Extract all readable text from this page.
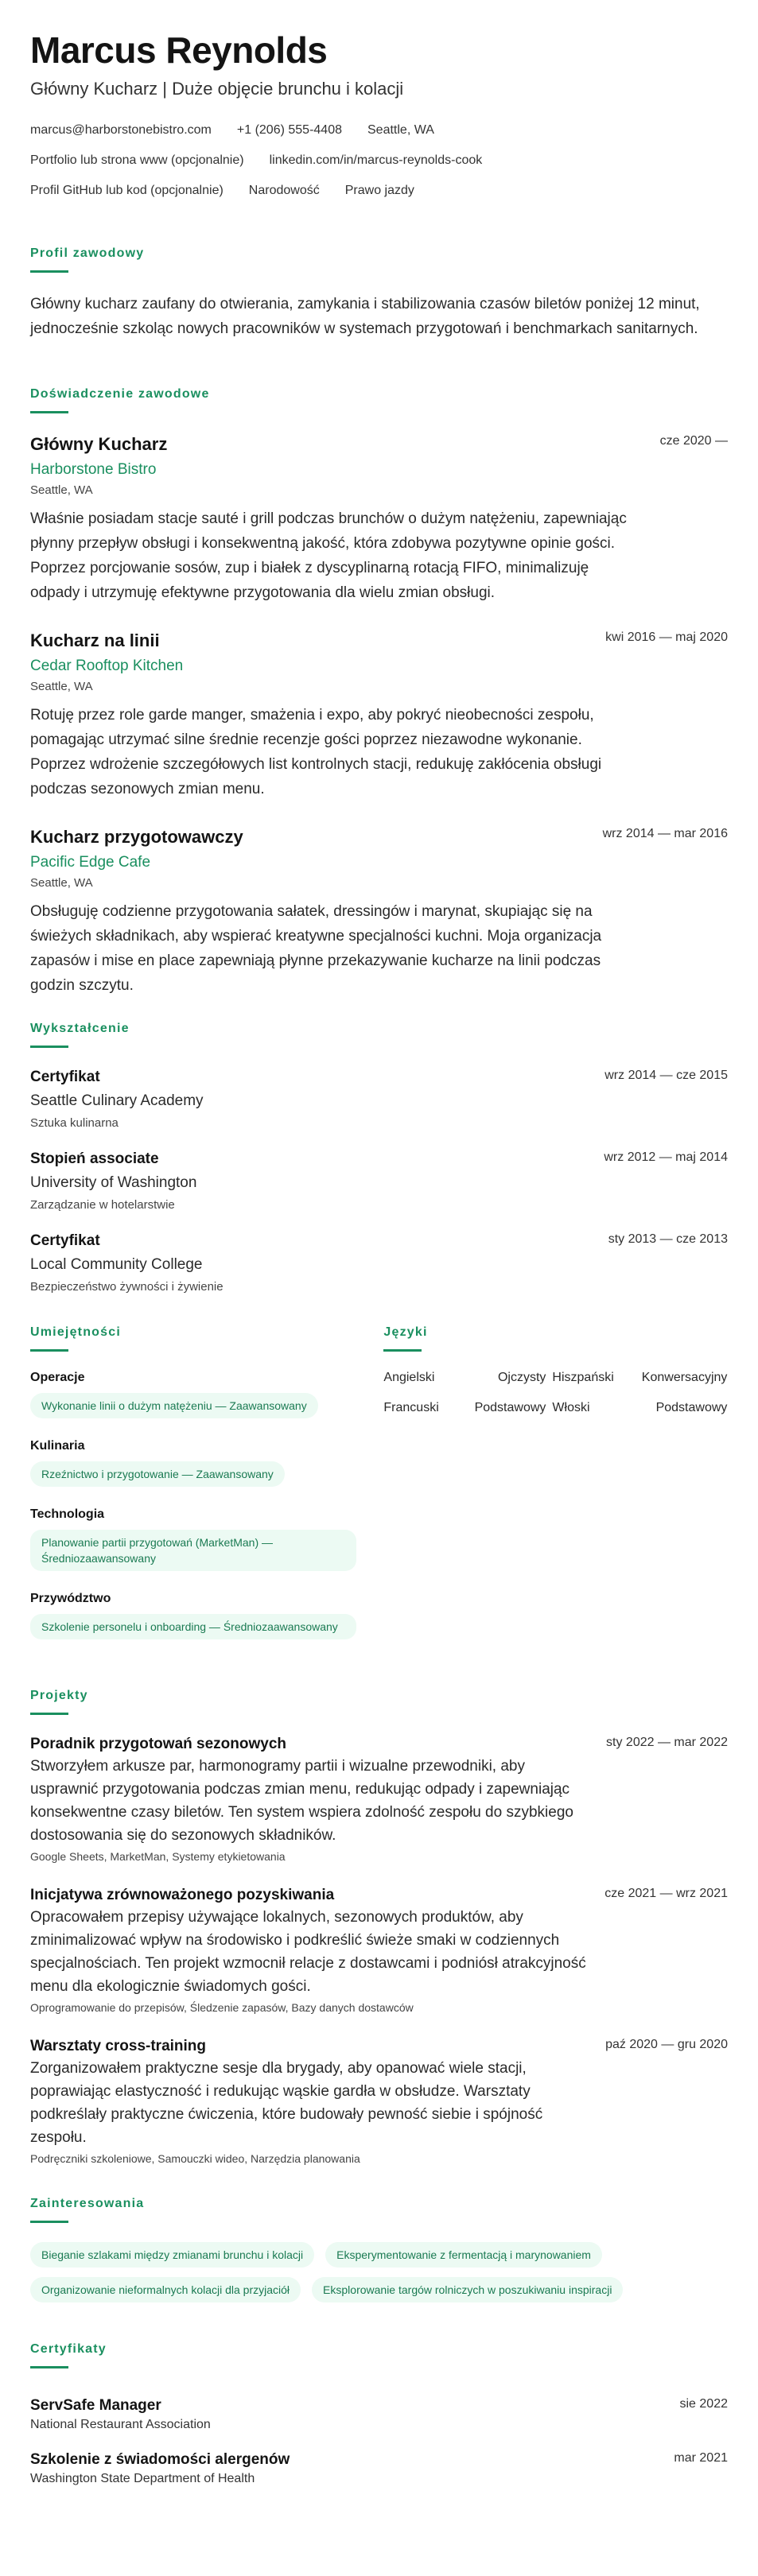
Marcus Reynolds
Główny Kucharz | Duże objęcie brunchu i kolacji
marcus@harborstonebistro.com +1 (206) 555-4408 Seattle, WA
Portfolio lub strona www (opcjonalnie) linkedin.com/in/marcus-reynolds-cook
Profil GitHub lub kod (opcjonalnie) Narodowość Prawo jazdy
Profil zawodowy
Główny kucharz zaufany do otwierania, zamykania i stabilizowania czasów biletów poniżej 12 minut, jednocześnie szkoląc nowych pracowników w systemach przygotowań i benchmarkach sanitarnych.
Doświadczenie zawodowe
Główny Kucharz	cze 2020 —
Harborstone Bistro
Seattle, WA
Właśnie posiadam stacje sauté i grill podczas brunchów o dużym natężeniu, zapewniając płynny przepływ obsługi i konsekwentną jakość, która zdobywa pozytywne opinie gości. Poprzez porcjowanie sosów, zup i białek z dyscyplinarną rotacją FIFO, minimalizuję odpady i utrzymuję efektywne przygotowania dla wielu zmian obsługi.
Kucharz na linii	kwi 2016 — maj 2020
Cedar Rooftop Kitchen
Seattle, WA
Rotuję przez role garde manger, smażenia i expo, aby pokryć nieobecności zespołu, pomagając utrzymać silne średnie recenzje gości poprzez niezawodne wykonanie. Poprzez wdrożenie szczegółowych list kontrolnych stacji, redukuję zakłócenia obsługi podczas sezonowych zmian menu.
Kucharz przygotowawczy	wrz 2014 — mar 2016
Pacific Edge Cafe
Seattle, WA
Obsługuję codzienne przygotowania sałatek, dressingów i marynat, skupiając się na świeżych składnikach, aby wspierać kreatywne specjalności kuchni. Moja organizacja zapasów i mise en place zapewniają płynne przekazywanie kucharze na linii podczas godzin szczytu.
Wykształcenie
Certyfikat	wrz 2014 — cze 2015
Seattle Culinary Academy
Sztuka kulinarna
Stopień associate	wrz 2012 — maj 2014
University of Washington
Zarządzanie w hotelarstwie
Certyfikat	sty 2013 — cze 2013
Local Community College
Bezpieczeństwo żywności i żywienie
Umiejętności
Operacje
Wykonanie linii o dużym natężeniu — Zaawansowany
Kulinaria
Rzeźnictwo i przygotowanie — Zaawansowany
Technologia
Planowanie partii przygotowań (MarketMan) — Średniozaawansowany
Przywództwo
Szkolenie personelu i onboarding — Średniozaawansowany
Języki
Angielski	Ojczysty Hiszpański	Konwersacyjny
Francuski	Podstawowy Włoski	Podstawowy
Projekty
Poradnik przygotowań sezonowych	sty 2022 — mar 2022
Stworzyłem arkusze par, harmonogramy partii i wizualne przewodniki, aby usprawnić przygotowania podczas zmian menu, redukując odpady i zapewniając konsekwentne czasy biletów. Ten system wspiera zdolność zespołu do szybkiego dostosowania się do sezonowych składników.
Google Sheets, MarketMan, Systemy etykietowania
Inicjatywa zrównoważonego pozyskiwania	cze 2021 — wrz 2021
Opracowałem przepisy używające lokalnych, sezonowych produktów, aby zminimalizować wpływ na środowisko i podkreślić świeże smaki w codziennych specjalnościach. Ten projekt wzmocnił relacje z dostawcami i podniósł atrakcyjność menu dla ekologicznie świadomych gości.
Oprogramowanie do przepisów, Śledzenie zapasów, Bazy danych dostawców
Warsztaty cross-training	paź 2020 — gru 2020
Zorganizowałem praktyczne sesje dla brygady, aby opanować wiele stacji, poprawiając elastyczność i redukując wąskie gardła w obsłudze. Warsztaty podkreślały praktyczne ćwiczenia, które budowały pewność siebie i spójność zespołu.
Podręczniki szkoleniowe, Samouczki wideo, Narzędzia planowania
Zainteresowania
Bieganie szlakami między zmianami brunchu i kolacji	Eksperymentowanie z fermentacją i marynowaniem
Organizowanie nieformalnych kolacji dla przyjaciół	Eksplorowanie targów rolniczych w poszukiwaniu inspiracji
Certyfikaty
ServSafe Manager	sie 2022
National Restaurant Association
Szkolenie z świadomości alergenów	mar 2021
Washington State Department of Health
